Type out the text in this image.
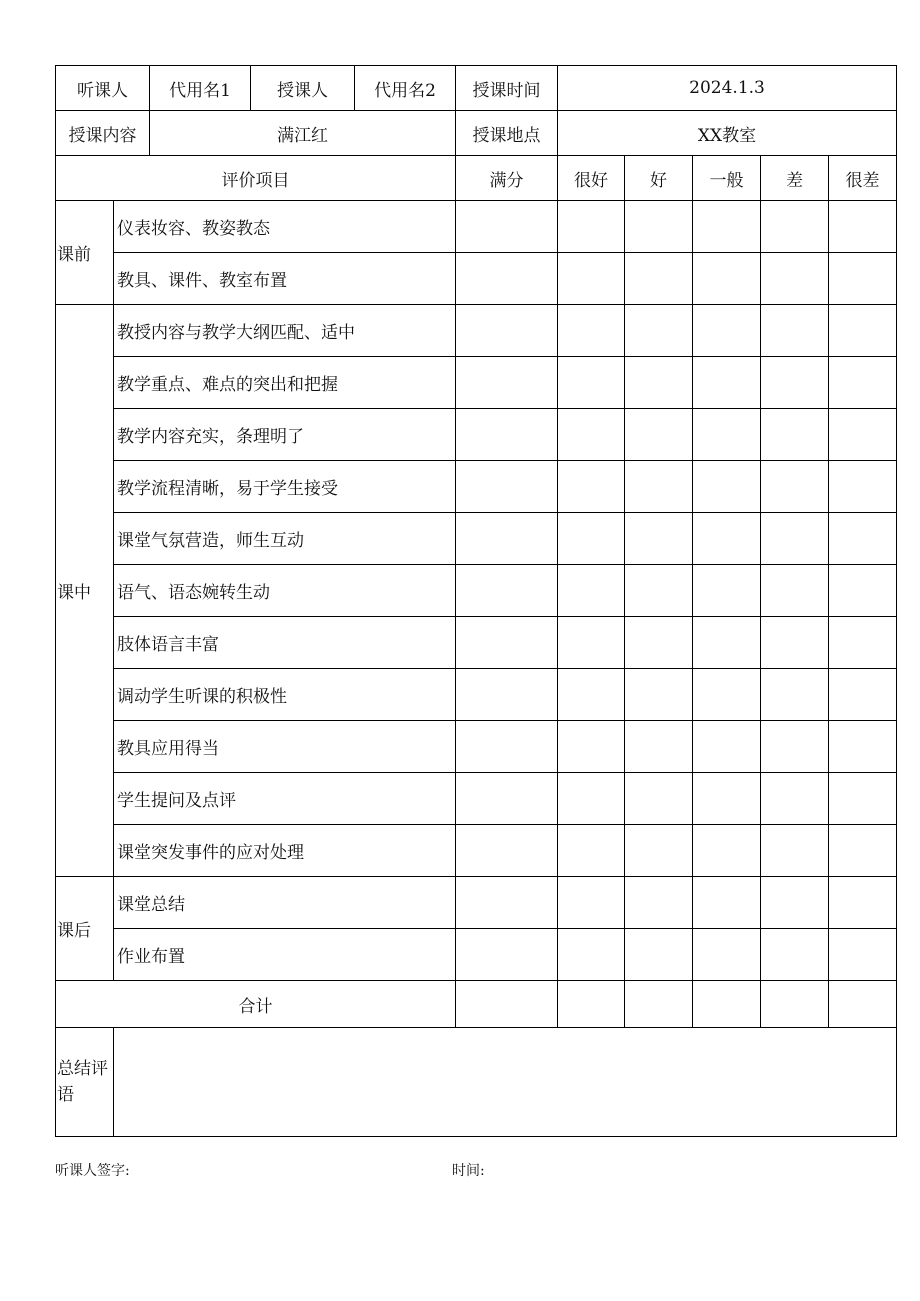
听课人		代用名1	授课人	代用名2	授课时间	2024.1.3				
授课内容		满江红			授课地点	XX教室				
评价项目					满分	很好	好	一般	差	很差
课前	仪表妆容、教姿教态									
	教具、课件、教室布置									
课中	教授内容与教学大纲匹配、适中									
	教学重点、难点的突出和把握									
	教学内容充实，条理明了									
	教学流程清晰，易于学生接受									
	课堂气氛营造，师生互动									
	语气、语态婉转生动									
	肢体语言丰富									
	调动学生听课的积极性									
	教具应用得当									
	学生提问及点评									
	课堂突发事件的应对处理									
课后	课堂总结									
	作业布置									
合计										
总结评语										
听课人签字:	时间:
